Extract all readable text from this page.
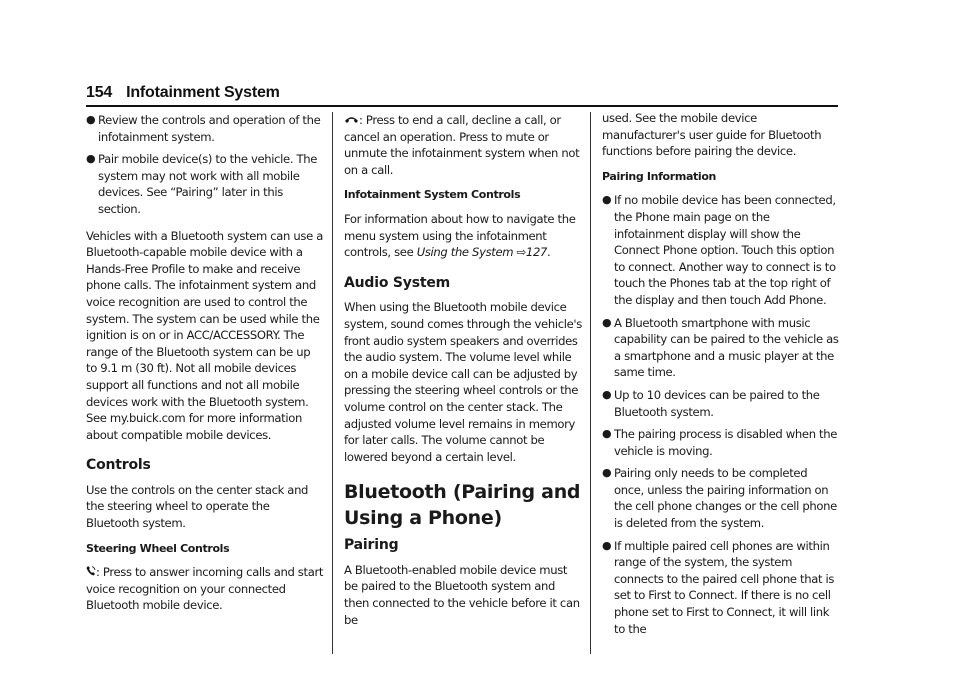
154 Infotainment System
● Review the controls and operation of the infotainment system.
● Pair mobile device(s) to the vehicle. The system may not work with all mobile devices. See “Pairing” later in this section.

Vehicles with a Bluetooth system can use a Bluetooth-capable mobile device with a Hands-Free Profile to make and receive phone calls. The infotainment system and voice recognition are used to control the system. The system can be used while the ignition is on or in ACC/ACCESSORY. The range of the Bluetooth system can be up to 9.1 m (30 ft). Not all mobile devices support all functions and not all mobile devices work with the Bluetooth system. See my.buick.com for more information about compatible mobile devices.

Controls

Use the controls on the center stack and the steering wheel to operate the Bluetooth system.

Steering Wheel Controls

: Press to answer incoming calls and start voice recognition on your connected Bluetooth mobile device.

: Press to end a call, decline a call, or cancel an operation. Press to mute or unmute the infotainment system when not on a call.

Infotainment System Controls

For information about how to navigate the menu system using the infotainment controls, see Using the System ⇨127.

Audio System

When using the Bluetooth mobile device system, sound comes through the vehicle's front audio system speakers and overrides the audio system. The volume level while on a mobile device call can be adjusted by pressing the steering wheel controls or the volume control on the center stack. The adjusted volume level remains in memory for later calls. The volume cannot be lowered beyond a certain level.

Bluetooth (Pairing and Using a Phone)
Pairing

A Bluetooth-enabled mobile device must be paired to the Bluetooth system and then connected to the vehicle before it can be

used. See the mobile device manufacturer's user guide for Bluetooth functions before pairing the device.

Pairing Information
● If no mobile device has been connected, the Phone main page on the infotainment display will show the Connect Phone option. Touch this option to connect. Another way to connect is to touch the Phones tab at the top right of the display and then touch Add Phone.
● A Bluetooth smartphone with music capability can be paired to the vehicle as a smartphone and a music player at the same time.
● Up to 10 devices can be paired to the Bluetooth system.
● The pairing process is disabled when the vehicle is moving.
● Pairing only needs to be completed once, unless the pairing information on the cell phone changes or the cell phone is deleted from the system.
● If multiple paired cell phones are within range of the system, the system connects to the paired cell phone that is set to First to Connect. If there is no cell phone set to First to Connect, it will link to the
